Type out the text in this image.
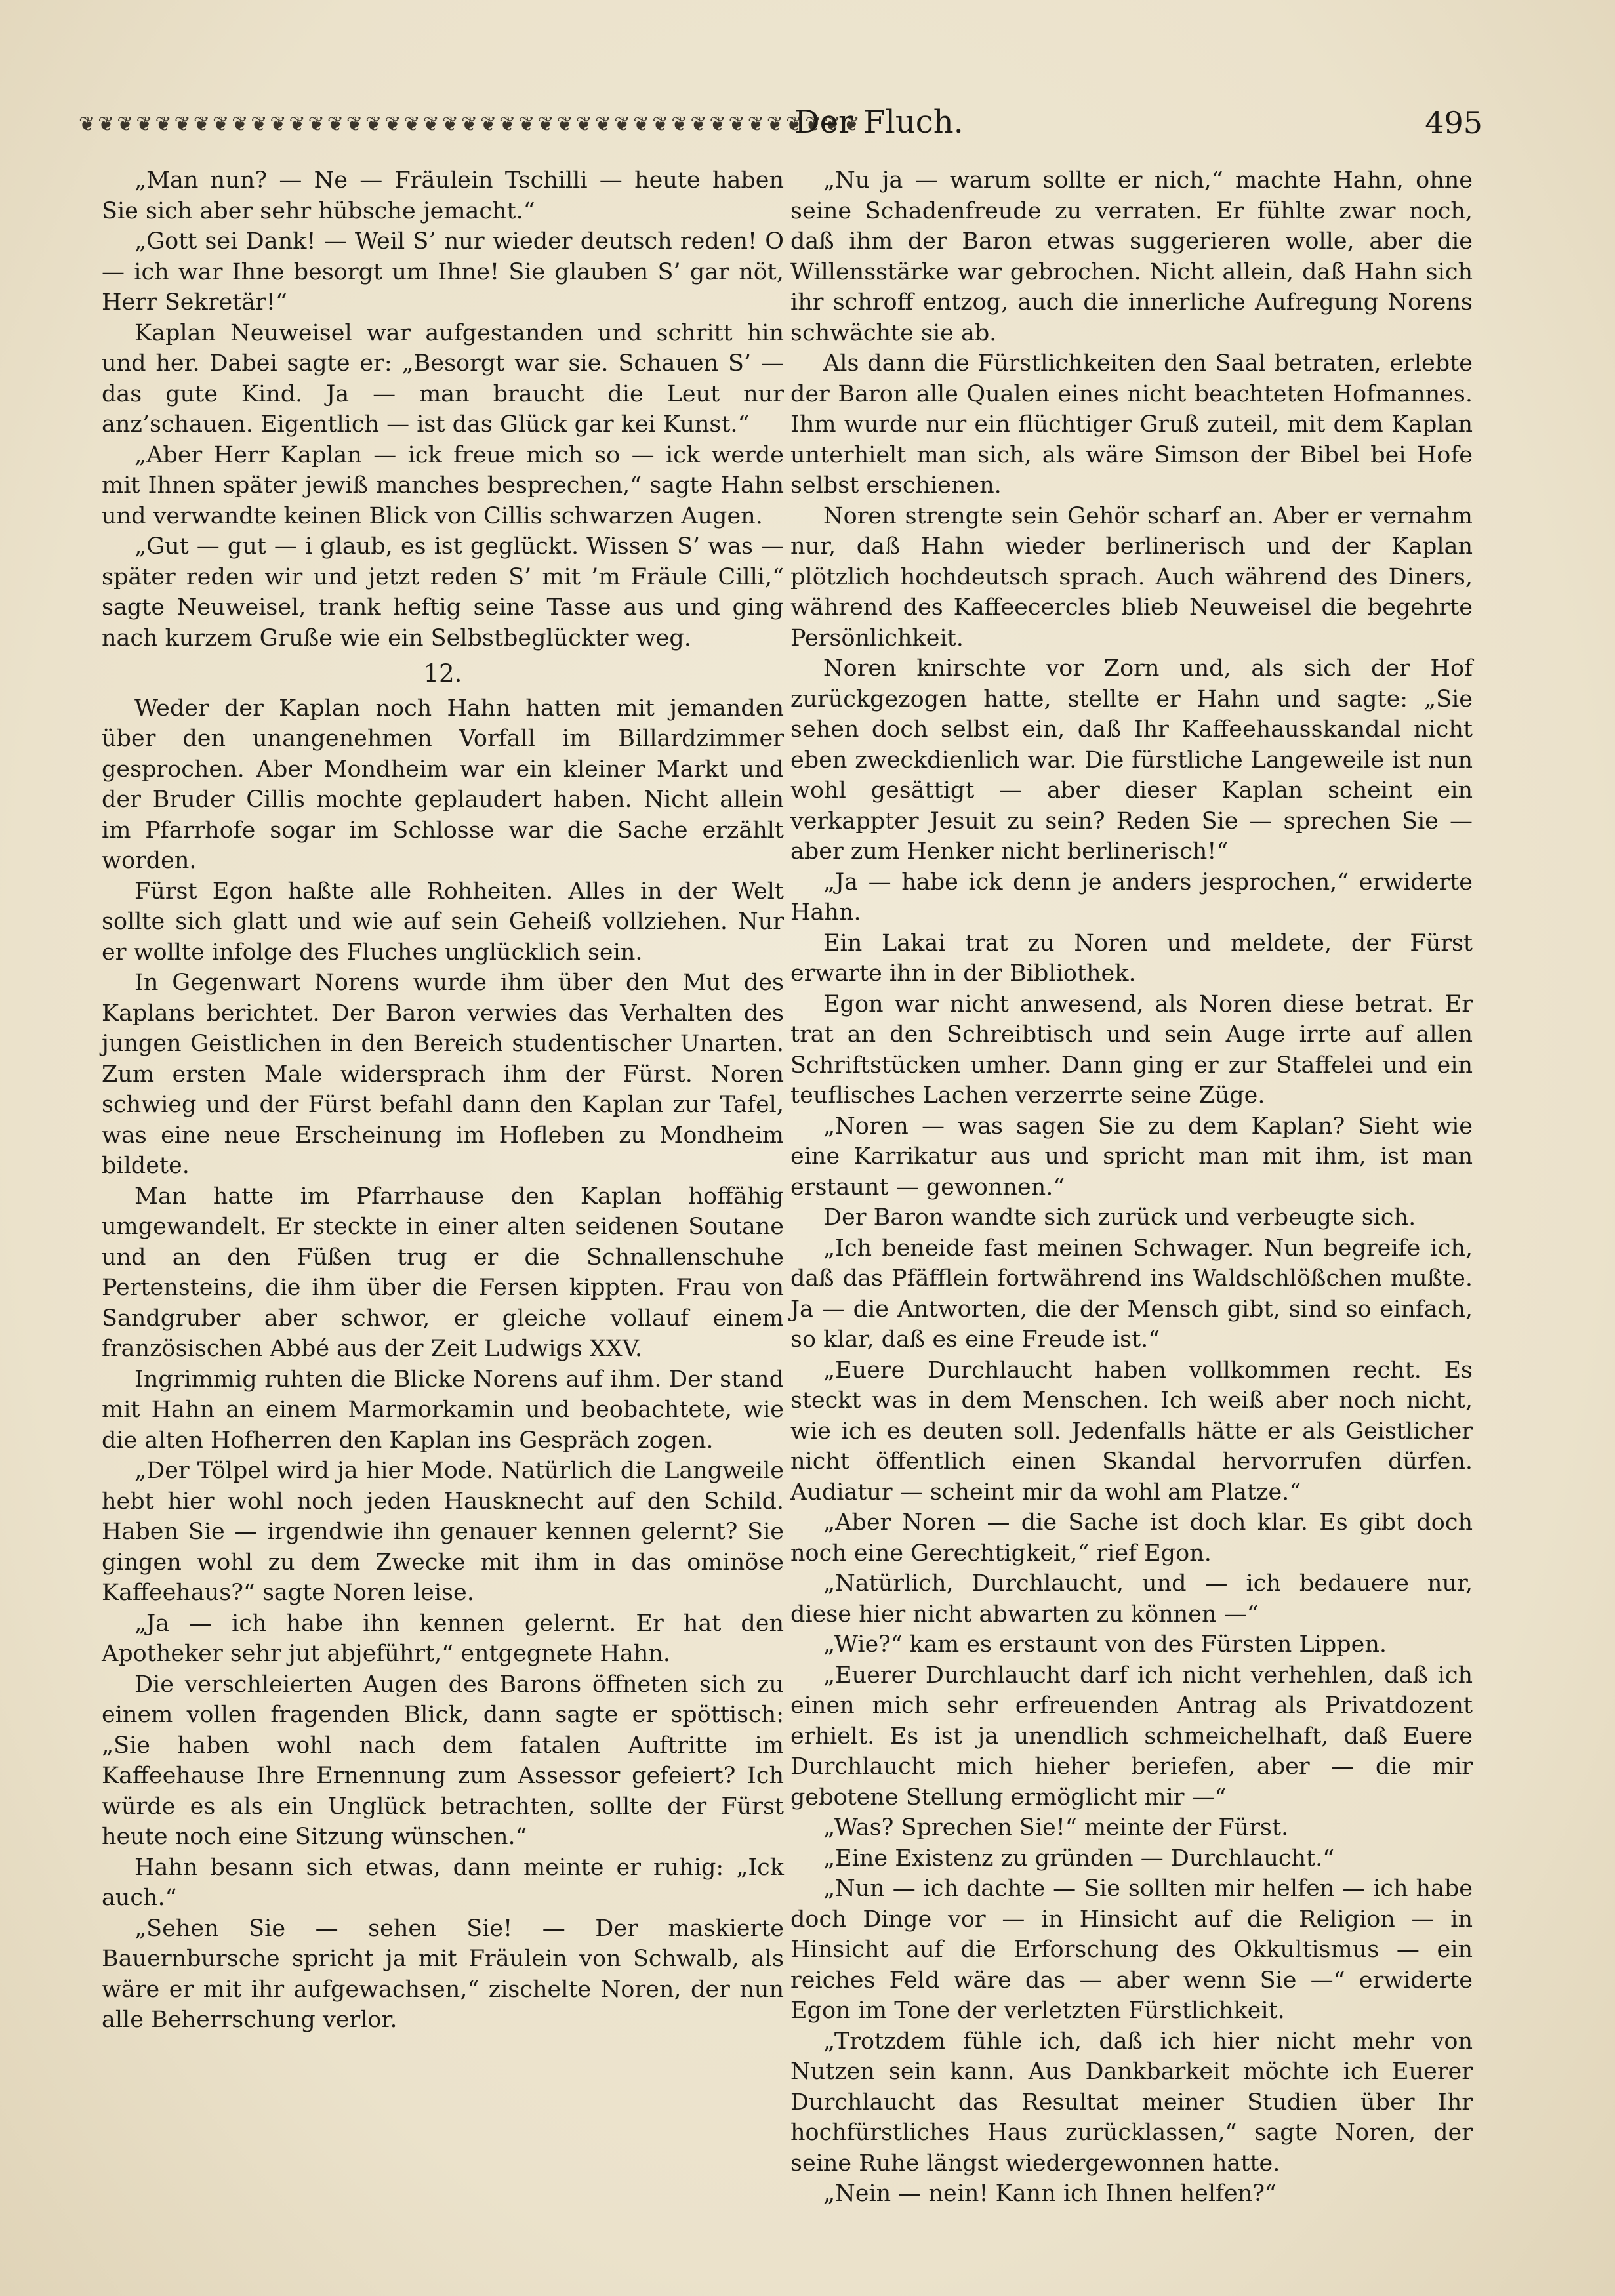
❦❦❦❦❦❦❦❦❦❦❦❦❦❦❦❦❦❦❦❦❦❦❦❦❦❦❦❦❦❦❦❦❦❦❦❦❦❦❦❦❦
Der Fluch.	495

„Man nun? — Ne — Fräulein Tschilli — heute haben Sie sich aber sehr hübsche jemacht.“

„Gott sei Dank! — Weil S’ nur wieder deutsch reden! O — ich war Ihne besorgt um Ihne! Sie glauben S’ gar nöt, Herr Sekretär!“

Kaplan Neuweisel war aufgestanden und schritt hin und her. Dabei sagte er: „Besorgt war sie. Schauen S’ — das gute Kind. Ja — man braucht die Leut nur anz’schauen. Eigentlich — ist das Glück gar kei Kunst.“

„Aber Herr Kaplan — ick freue mich so — ick werde mit Ihnen später jewiß manches besprechen,“ sagte Hahn und verwandte keinen Blick von Cillis schwarzen Augen.

„Gut — gut — i glaub, es ist geglückt. Wissen S’ was — später reden wir und jetzt reden S’ mit ’m Fräule Cilli,“ sagte Neuweisel, trank heftig seine Tasse aus und ging nach kurzem Gruße wie ein Selbstbeglückter weg.

12.

Weder der Kaplan noch Hahn hatten mit jemanden über den unangenehmen Vorfall im Billardzimmer gesprochen. Aber Mondheim war ein kleiner Markt und der Bruder Cillis mochte geplaudert haben. Nicht allein im Pfarrhofe sogar im Schlosse war die Sache erzählt worden.

Fürst Egon haßte alle Rohheiten. Alles in der Welt sollte sich glatt und wie auf sein Geheiß vollziehen. Nur er wollte infolge des Fluches unglücklich sein.

In Gegenwart Norens wurde ihm über den Mut des Kaplans berichtet. Der Baron verwies das Verhalten des jungen Geistlichen in den Bereich studentischer Unarten. Zum ersten Male widersprach ihm der Fürst. Noren schwieg und der Fürst befahl dann den Kaplan zur Tafel, was eine neue Erscheinung im Hofleben zu Mondheim bildete.

Man hatte im Pfarrhause den Kaplan hoffähig umgewandelt. Er steckte in einer alten seidenen Soutane und an den Füßen trug er die Schnallenschuhe Pertensteins, die ihm über die Fersen kippten. Frau von Sandgruber aber schwor, er gleiche vollauf einem französischen Abbé aus der Zeit Ludwigs XXV.

Ingrimmig ruhten die Blicke Norens auf ihm. Der stand mit Hahn an einem Marmorkamin und beobachtete, wie die alten Hofherren den Kaplan ins Gespräch zogen.

„Der Tölpel wird ja hier Mode. Natürlich die Langweile hebt hier wohl noch jeden Hausknecht auf den Schild. Haben Sie — irgendwie ihn genauer kennen gelernt? Sie gingen wohl zu dem Zwecke mit ihm in das ominöse Kaffeehaus?“ sagte Noren leise.

„Ja — ich habe ihn kennen gelernt. Er hat den Apotheker sehr jut abjeführt,“ entgegnete Hahn.

Die verschleierten Augen des Barons öffneten sich zu einem vollen fragenden Blick, dann sagte er spöttisch: „Sie haben wohl nach dem fatalen Auftritte im Kaffeehause Ihre Ernennung zum Assessor gefeiert? Ich würde es als ein Unglück betrachten, sollte der Fürst heute noch eine Sitzung wünschen.“

Hahn besann sich etwas, dann meinte er ruhig: „Ick auch.“

„Sehen Sie — sehen Sie! — Der maskierte Bauernbursche spricht ja mit Fräulein von Schwalb, als wäre er mit ihr aufgewachsen,“ zischelte Noren, der nun alle Beherrschung verlor.

„Nu ja — warum sollte er nich,“ machte Hahn, ohne seine Schadenfreude zu verraten. Er fühlte zwar noch, daß ihm der Baron etwas suggerieren wolle, aber die Willensstärke war gebrochen. Nicht allein, daß Hahn sich ihr schroff entzog, auch die innerliche Aufregung Norens schwächte sie ab.

Als dann die Fürstlichkeiten den Saal betraten, erlebte der Baron alle Qualen eines nicht beachteten Hofmannes. Ihm wurde nur ein flüchtiger Gruß zuteil, mit dem Kaplan unterhielt man sich, als wäre Simson der Bibel bei Hofe selbst erschienen.

Noren strengte sein Gehör scharf an. Aber er vernahm nur, daß Hahn wieder berlinerisch und der Kaplan plötzlich hochdeutsch sprach. Auch während des Diners, während des Kaffeecercles blieb Neuweisel die begehrte Persönlichkeit.

Noren knirschte vor Zorn und, als sich der Hof zurückgezogen hatte, stellte er Hahn und sagte: „Sie sehen doch selbst ein, daß Ihr Kaffeehausskandal nicht eben zweckdienlich war. Die fürstliche Langeweile ist nun wohl gesättigt — aber dieser Kaplan scheint ein verkappter Jesuit zu sein? Reden Sie — sprechen Sie — aber zum Henker nicht berlinerisch!“

„Ja — habe ick denn je anders jesprochen,“ erwiderte Hahn.

Ein Lakai trat zu Noren und meldete, der Fürst erwarte ihn in der Bibliothek.

Egon war nicht anwesend, als Noren diese betrat. Er trat an den Schreibtisch und sein Auge irrte auf allen Schriftstücken umher. Dann ging er zur Staffelei und ein teuflisches Lachen verzerrte seine Züge.

„Noren — was sagen Sie zu dem Kaplan? Sieht wie eine Karrikatur aus und spricht man mit ihm, ist man erstaunt — gewonnen.“

Der Baron wandte sich zurück und verbeugte sich.

„Ich beneide fast meinen Schwager. Nun begreife ich, daß das Pfäfflein fortwährend ins Waldschlößchen mußte. Ja — die Antworten, die der Mensch gibt, sind so einfach, so klar, daß es eine Freude ist.“

„Euere Durchlaucht haben vollkommen recht. Es steckt was in dem Menschen. Ich weiß aber noch nicht, wie ich es deuten soll. Jedenfalls hätte er als Geistlicher nicht öffentlich einen Skandal hervorrufen dürfen. Audiatur — scheint mir da wohl am Platze.“

„Aber Noren — die Sache ist doch klar. Es gibt doch noch eine Gerechtigkeit,“ rief Egon.

„Natürlich, Durchlaucht, und — ich bedauere nur, diese hier nicht abwarten zu können —“

„Wie?“ kam es erstaunt von des Fürsten Lippen.

„Euerer Durchlaucht darf ich nicht verhehlen, daß ich einen mich sehr erfreuenden Antrag als Privatdozent erhielt. Es ist ja unendlich schmeichelhaft, daß Euere Durchlaucht mich hieher beriefen, aber — die mir gebotene Stellung ermöglicht mir —“

„Was? Sprechen Sie!“ meinte der Fürst.

„Eine Existenz zu gründen — Durchlaucht.“

„Nun — ich dachte — Sie sollten mir helfen — ich habe doch Dinge vor — in Hinsicht auf die Religion — in Hinsicht auf die Erforschung des Okkultismus — ein reiches Feld wäre das — aber wenn Sie —“ erwiderte Egon im Tone der verletzten Fürstlichkeit.

„Trotzdem fühle ich, daß ich hier nicht mehr von Nutzen sein kann. Aus Dankbarkeit möchte ich Euerer Durchlaucht das Resultat meiner Studien über Ihr hochfürstliches Haus zurücklassen,“ sagte Noren, der seine Ruhe längst wiedergewonnen hatte.

„Nein — nein! Kann ich Ihnen helfen?“
